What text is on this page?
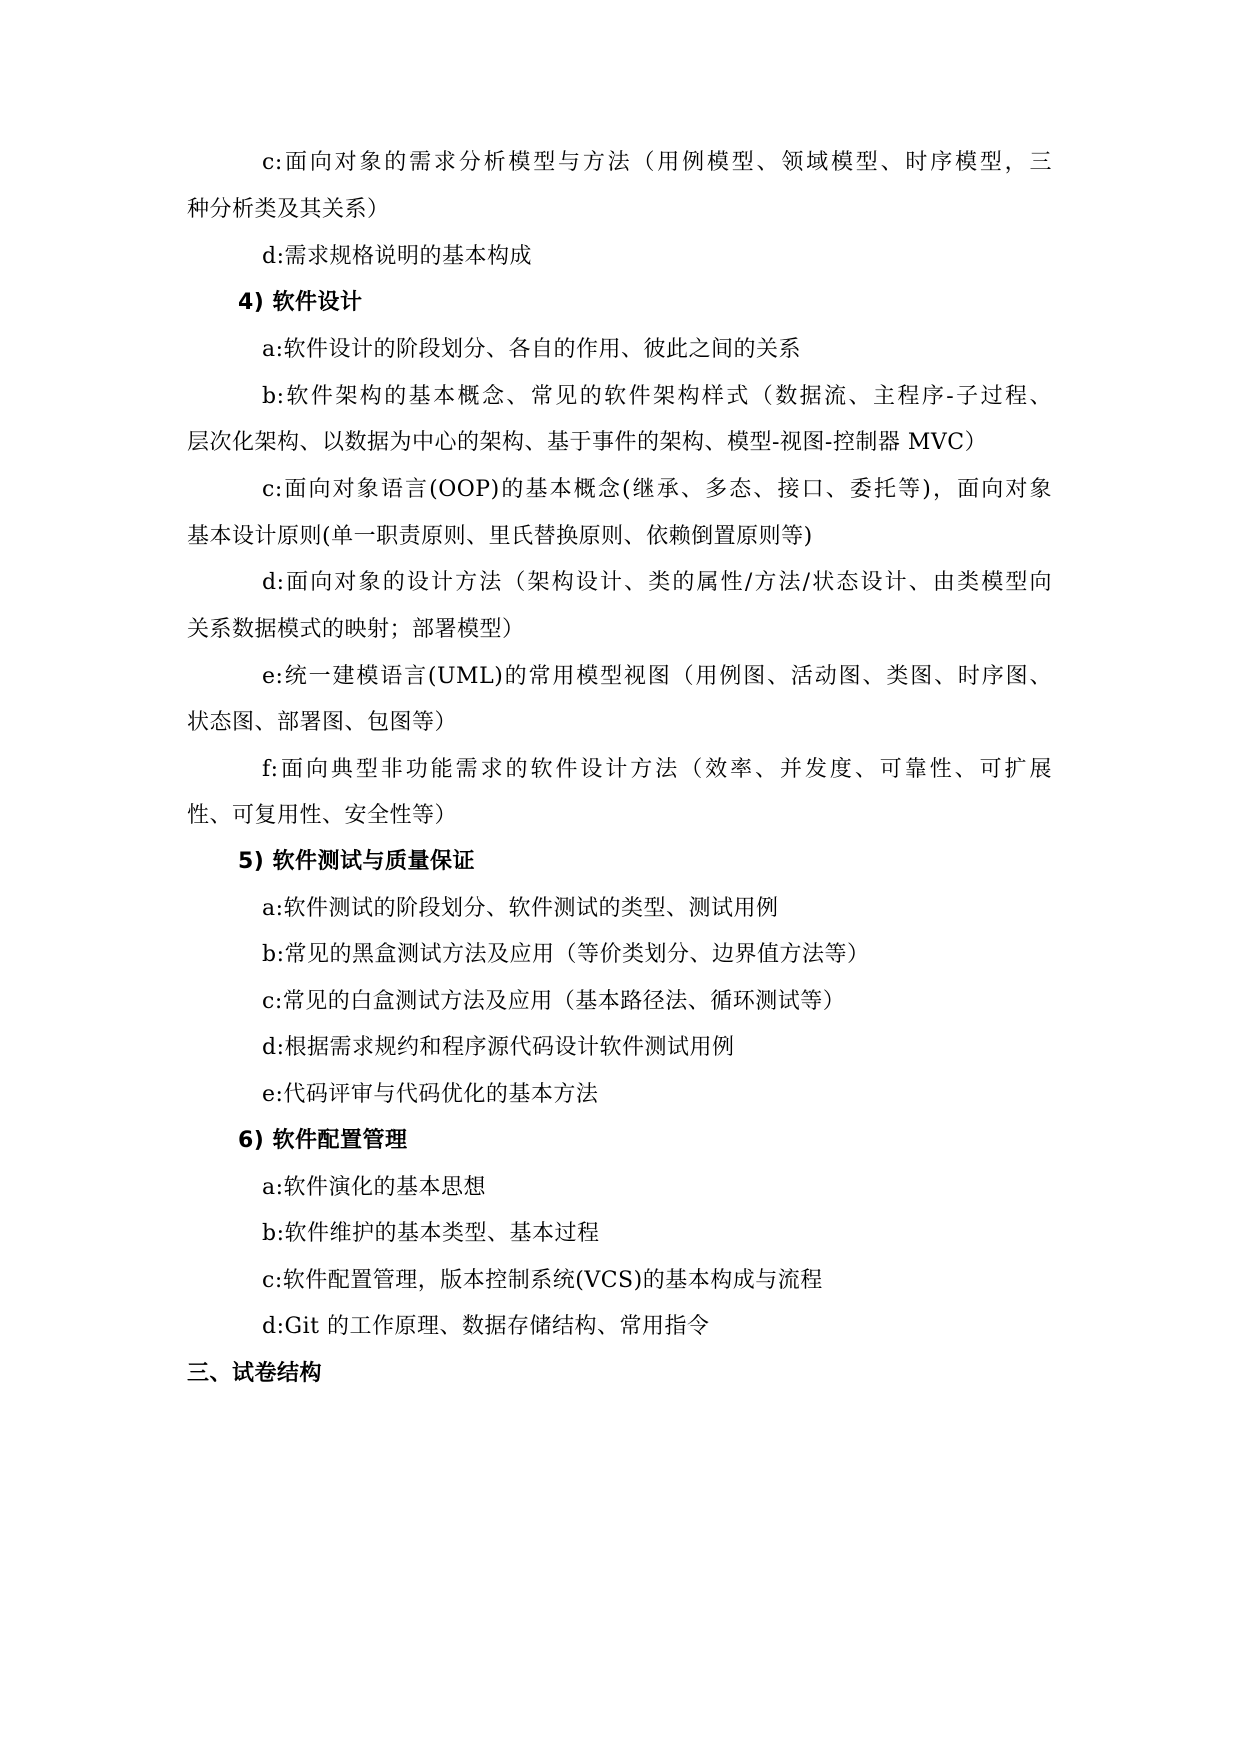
c:面向对象的需求分析模型与方法（用例模型、领域模型、时序模型，三
种分析类及其关系）
d:需求规格说明的基本构成
4) 软件设计
a:软件设计的阶段划分、各自的作用、彼此之间的关系
b:软件架构的基本概念、常见的软件架构样式（数据流、主程序-子过程、
层次化架构、以数据为中心的架构、基于事件的架构、模型-视图-控制器 MVC）
c:面向对象语言(OOP)的基本概念(继承、多态、接口、委托等)，面向对象
基本设计原则(单一职责原则、里氏替换原则、依赖倒置原则等)
d:面向对象的设计方法（架构设计、类的属性/方法/状态设计、由类模型向
关系数据模式的映射；部署模型）
e:统一建模语言(UML)的常用模型视图（用例图、活动图、类图、时序图、
状态图、部署图、包图等）
f:面向典型非功能需求的软件设计方法（效率、并发度、可靠性、可扩展
性、可复用性、安全性等）
5) 软件测试与质量保证
a:软件测试的阶段划分、软件测试的类型、测试用例
b:常见的黑盒测试方法及应用（等价类划分、边界值方法等）
c:常见的白盒测试方法及应用（基本路径法、循环测试等）
d:根据需求规约和程序源代码设计软件测试用例
e:代码评审与代码优化的基本方法
6) 软件配置管理
a:软件演化的基本思想
b:软件维护的基本类型、基本过程
c:软件配置管理，版本控制系统(VCS)的基本构成与流程
d:Git 的工作原理、数据存储结构、常用指令
三、试卷结构
